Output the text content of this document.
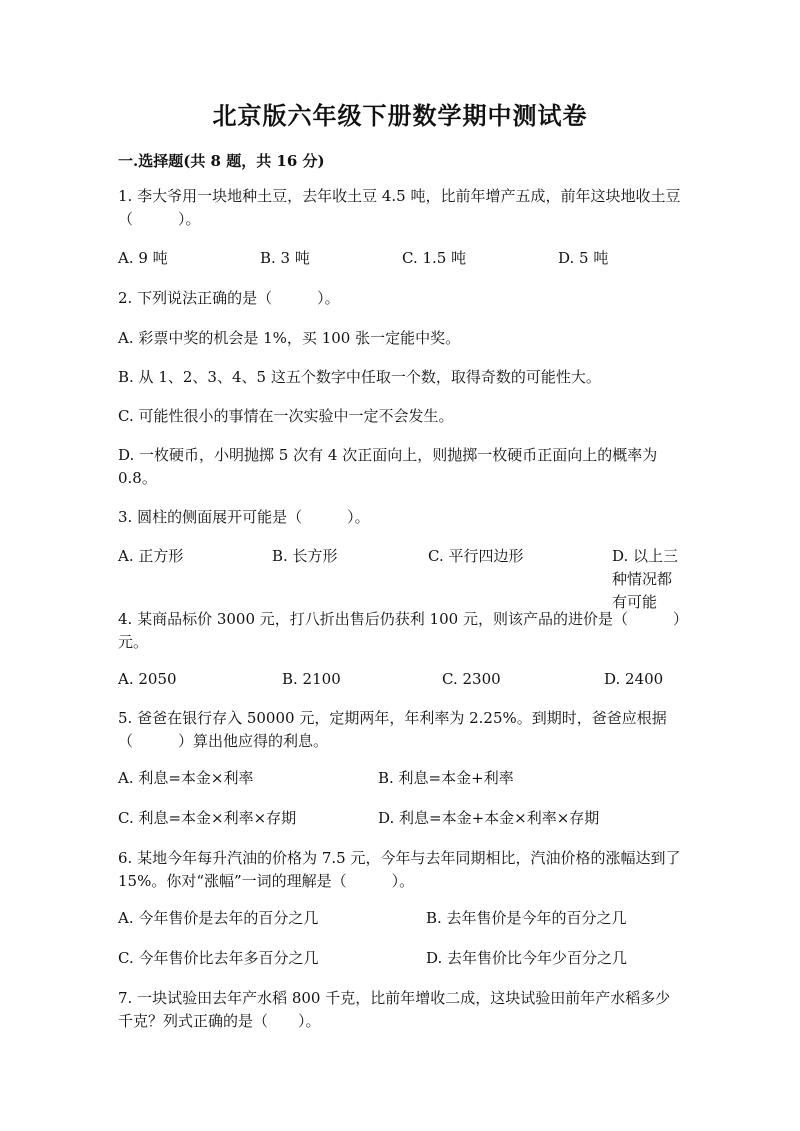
北京版六年级下册数学期中测试卷
一.选择题(共 8 题，共 16 分)
1. 李大爷用一块地种土豆，去年收土豆 4.5 吨，比前年增产五成，前年这块地收土豆（　　　）。
A. 9 吨	B. 3 吨	C. 1.5 吨	D. 5 吨
2. 下列说法正确的是（　　　）。
A. 彩票中奖的机会是 1%，买 100 张一定能中奖。
B. 从 1、2、3、4、5 这五个数字中任取一个数，取得奇数的可能性大。
C. 可能性很小的事情在一次实验中一定不会发生。
D. 一枚硬币，小明抛掷 5 次有 4 次正面向上，则抛掷一枚硬币正面向上的概率为 0.8。
3. 圆柱的侧面展开可能是（　　　）。
A. 正方形	B. 长方形	C. 平行四边形	D. 以上三种情况都有可能
4. 某商品标价 3000 元，打八折出售后仍获利 100 元，则该产品的进价是（　　　）元。
A. 2050	B. 2100	C. 2300	D. 2400
5. 爸爸在银行存入 50000 元，定期两年，年利率为 2.25%。到期时，爸爸应根据（　　　）算出他应得的利息。
A. 利息=本金×利率	B. 利息=本金+利率
C. 利息=本金×利率×存期	D. 利息=本金+本金×利率×存期
6. 某地今年每升汽油的价格为 7.5 元，今年与去年同期相比，汽油价格的涨幅达到了 15%。你对“涨幅”一词的理解是（　　　）。
A. 今年售价是去年的百分之几	B. 去年售价是今年的百分之几
C. 今年售价比去年多百分之几	D. 去年售价比今年少百分之几
7. 一块试验田去年产水稻 800 千克，比前年增收二成，这块试验田前年产水稻多少千克？列式正确的是（　　）。
